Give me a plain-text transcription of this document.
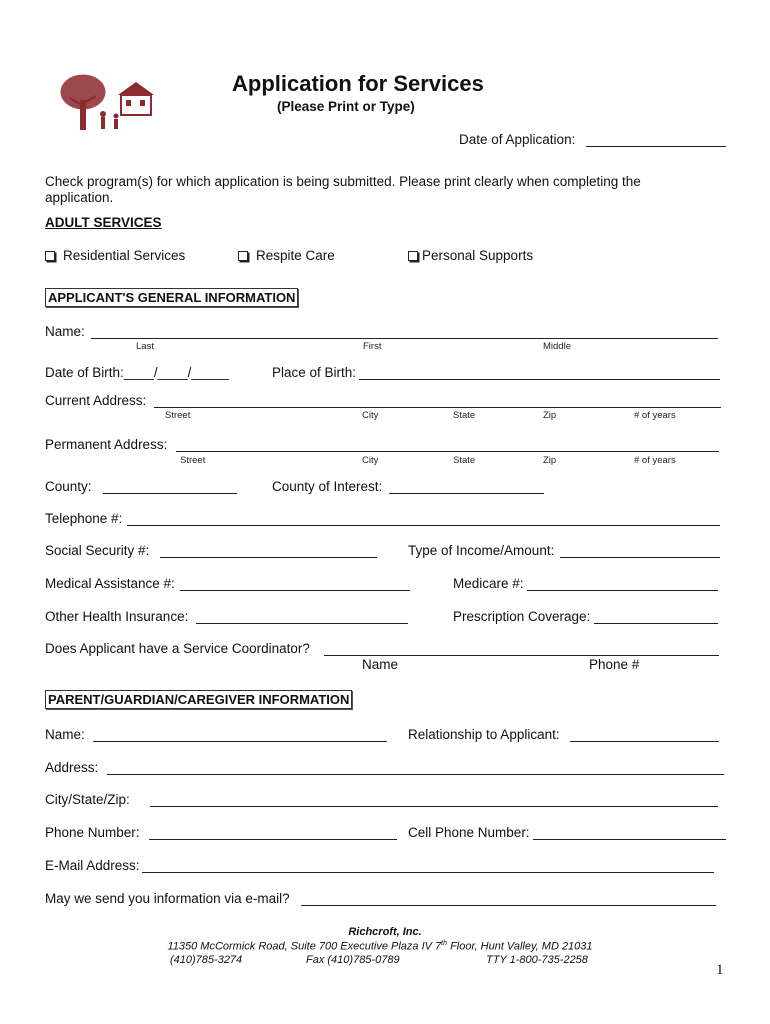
Application for Services
(Please Print or Type)
Date of Application:
Check program(s) for which application is being submitted. Please print clearly when completing the
application.
ADULT SERVICES
Residential Services	Respite Care	Personal Supports
APPLICANT'S GENERAL INFORMATION
Name:
Last	First	Middle
Date of Birth:____/____/_____	Place of Birth:
Current Address:
Street	City	State	Zip	# of years
Permanent Address:
Street	City	State	Zip	# of years
County:	County of Interest:
Telephone #:
Social Security #:	Type of Income/Amount:
Medical Assistance #:	Medicare #:
Other Health Insurance:	Prescription Coverage:
Does Applicant have a Service Coordinator?
Name	Phone #
PARENT/GUARDIAN/CAREGIVER INFORMATION
Name:	Relationship to Applicant:
Address:
City/State/Zip:
Phone Number:	Cell Phone Number:
E-Mail Address:
May we send you information via e-mail?
Richcroft, Inc.
11350 McCormick Road, Suite 700 Executive Plaza IV 7th Floor, Hunt Valley, MD 21031
(410)785-3274	Fax (410)785-0789	TTY 1-800-735-2258
1
